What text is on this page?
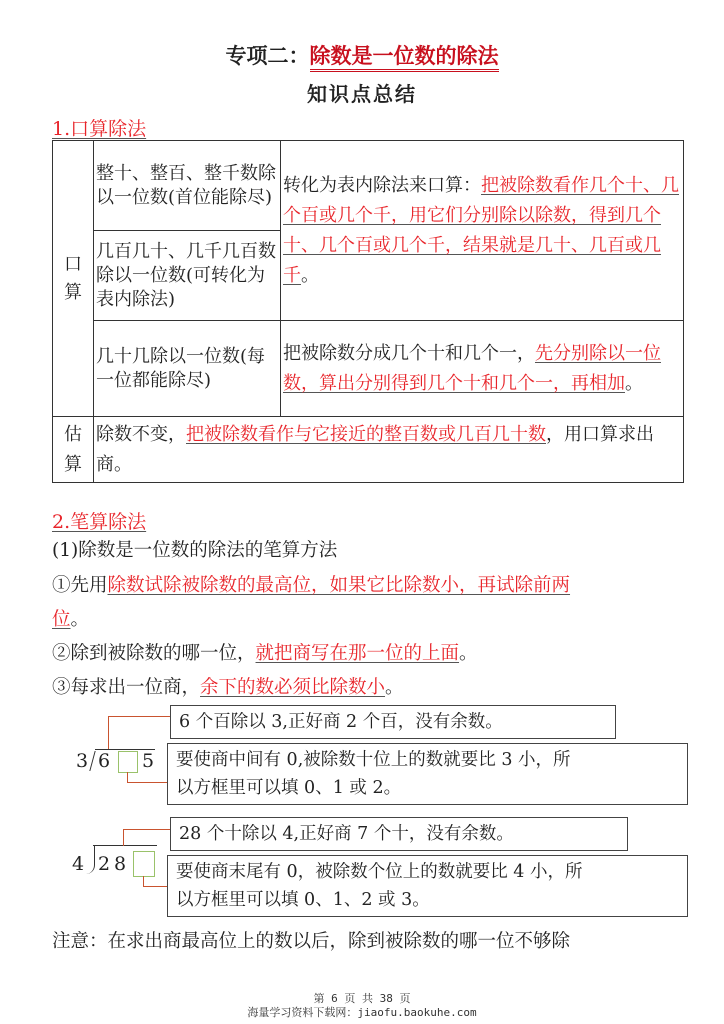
专项二：除数是一位数的除法
知识点总结
1.口算除法
口算	整十、整百、整千数除以一位数(首位能除尽)	转化为表内除法来口算：把被除数看作几个十、几个百或几个千，用它们分别除以除数，得到几个十、几个百或几个千，结果就是几十、几百或几千。
	几百几十、几千几百数除以一位数(可转化为表内除法)	
	几十几除以一位数(每一位都能除尽)	把被除数分成几个十和几个一，先分别除以一位数，算出分别得到几个十和几个一，再相加。
估算	除数不变，把被除数看作与它接近的整百数或几百几十数，用口算求出商。	
2.笔算除法
(1)除数是一位数的除法的笔算方法
①先用除数试除被除数的最高位，如果它比除数小，再试除前两
位。
②除到被除数的哪一位，就把商写在那一位的上面。
③每求出一位商，余下的数必须比除数小。
3 6 5
6 个百除以 3,正好商 2 个百，没有余数。
要使商中间有 0,被除数十位上的数就要比 3 小，所
以方框里可以填 0、1 或 2。
4 2 8
28 个十除以 4,正好商 7 个十，没有余数。
要使商末尾有 0，被除数个位上的数就要比 4 小，所
以方框里可以填 0、1、2 或 3。
注意：在求出商最高位上的数以后，除到被除数的哪一位不够除
第 6 页 共 38 页
海量学习资料下载网：jiaofu.baokuhe.com
